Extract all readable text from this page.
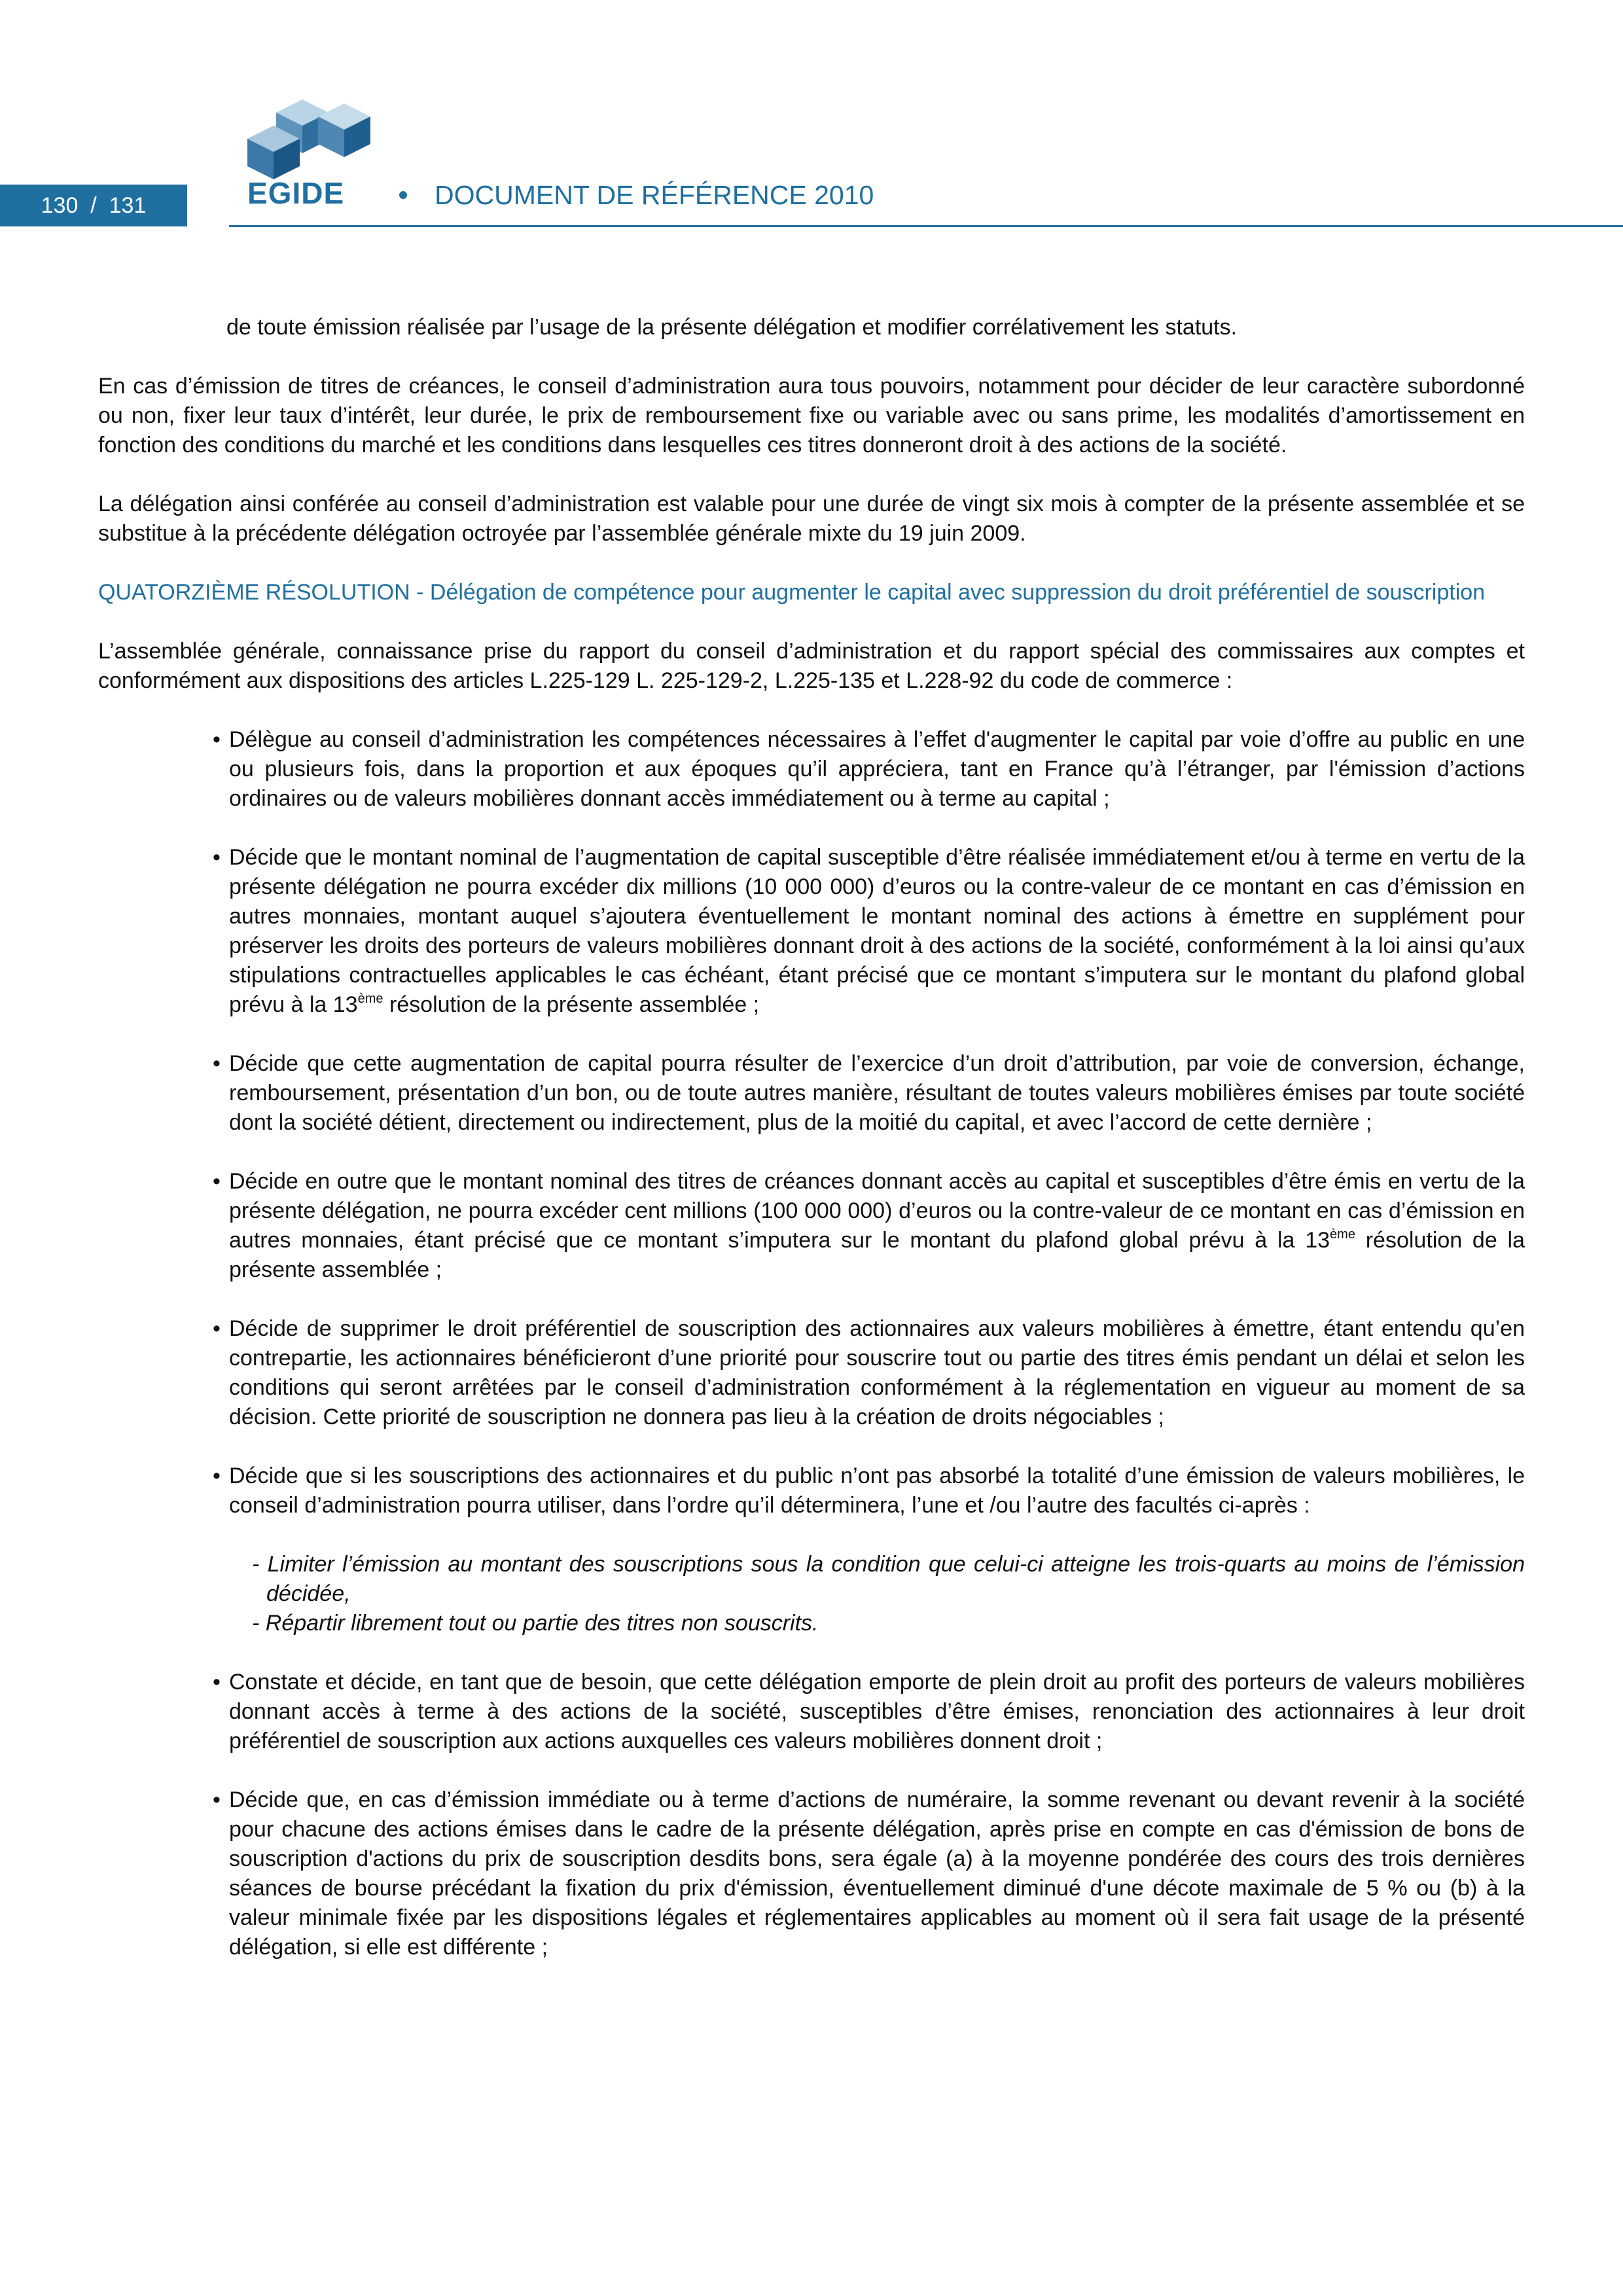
130 / 131	EGIDE	DOCUMENT DE RÉFÉRENCE 2010

de toute émission réalisée par l’usage de la présente délégation et modifier corrélativement les statuts.

En cas d’émission de titres de créances, le conseil d’administration aura tous pouvoirs, notamment pour décider de leur caractère subordonné ou non, fixer leur taux d’intérêt, leur durée, le prix de remboursement fixe ou variable avec ou sans prime, les modalités d’amortissement en fonction des conditions du marché et les conditions dans lesquelles ces titres donneront droit à des actions de la société.

La délégation ainsi conférée au conseil d’administration est valable pour une durée de vingt six mois à compter de la présente assemblée et se substitue à la précédente délégation octroyée par l’assemblée générale mixte du 19 juin 2009.

QUATORZIÈME RÉSOLUTION - Délégation de compétence pour augmenter le capital avec suppression du droit préférentiel de souscription

L’assemblée générale, connaissance prise du rapport du conseil d’administration et du rapport spécial des commissaires aux comptes et conformément aux dispositions des articles L.225-129 L. 225-129-2, L.225-135 et L.228-92 du code de commerce :

• Délègue au conseil d’administration les compétences nécessaires à l’effet d'augmenter le capital par voie d’offre au public en une ou plusieurs fois, dans la proportion et aux époques qu’il appréciera, tant en France qu’à l’étranger, par l'émission d’actions ordinaires ou de valeurs mobilières donnant accès immédiatement ou à terme au capital ;
• Décide que le montant nominal de l’augmentation de capital susceptible d’être réalisée immédiatement et/ou à terme en vertu de la présente délégation ne pourra excéder dix millions (10 000 000) d’euros ou la contre-valeur de ce montant en cas d’émission en autres monnaies, montant auquel s’ajoutera éventuellement le montant nominal des actions à émettre en supplément pour préserver les droits des porteurs de valeurs mobilières donnant droit à des actions de la société, conformément à la loi ainsi qu’aux stipulations contractuelles applicables le cas échéant, étant précisé que ce montant s’imputera sur le montant du plafond global prévu à la 13ème résolution de la présente assemblée ;
• Décide que cette augmentation de capital pourra résulter de l’exercice d’un droit d’attribution, par voie de conversion, échange, remboursement, présentation d’un bon, ou de toute autres manière, résultant de toutes valeurs mobilières émises par toute société dont la société détient, directement ou indirectement, plus de la moitié du capital, et avec l’accord de cette dernière ;
• Décide en outre que le montant nominal des titres de créances donnant accès au capital et susceptibles d’être émis en vertu de la présente délégation, ne pourra excéder cent millions (100 000 000) d’euros ou la contre-valeur de ce montant en cas d’émission en autres monnaies, étant précisé que ce montant s’imputera sur le montant du plafond global prévu à la 13ème résolution de la présente assemblée ;
• Décide de supprimer le droit préférentiel de souscription des actionnaires aux valeurs mobilières à émettre, étant entendu qu’en contrepartie, les actionnaires bénéficieront d’une priorité pour souscrire tout ou partie des titres émis pendant un délai et selon les conditions qui seront arrêtées par le conseil d’administration conformément à la réglementation en vigueur au moment de sa décision. Cette priorité de souscription ne donnera pas lieu à la création de droits négociables ;
• Décide que si les souscriptions des actionnaires et du public n’ont pas absorbé la totalité d’une émission de valeurs mobilières, le conseil d’administration pourra utiliser, dans l’ordre qu’il déterminera, l’une et /ou l’autre des facultés ci-après :
- Limiter l’émission au montant des souscriptions sous la condition que celui-ci atteigne les trois-quarts au moins de l’émission décidée,
- Répartir librement tout ou partie des titres non souscrits.
• Constate et décide, en tant que de besoin, que cette délégation emporte de plein droit au profit des porteurs de valeurs mobilières donnant accès à terme à des actions de la société, susceptibles d’être émises, renonciation des actionnaires à leur droit préférentiel de souscription aux actions auxquelles ces valeurs mobilières donnent droit ;
• Décide que, en cas d’émission immédiate ou à terme d’actions de numéraire, la somme revenant ou devant revenir à la société pour chacune des actions émises dans le cadre de la présente délégation, après prise en compte en cas d'émission de bons de souscription d'actions du prix de souscription desdits bons, sera égale (a) à la moyenne pondérée des cours des trois dernières séances de bourse précédant la fixation du prix d'émission, éventuellement diminué d'une décote maximale de 5 % ou (b) à la valeur minimale fixée par les dispositions légales et réglementaires applicables au moment où il sera fait usage de la présenté délégation, si elle est différente ;
